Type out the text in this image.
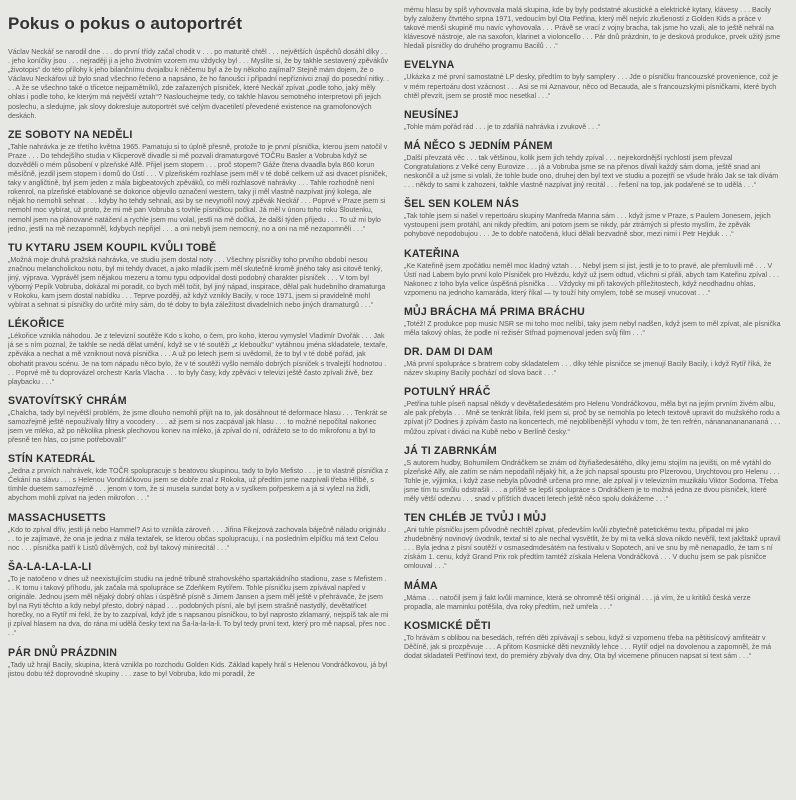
Pokus o pokus o autoportrét

Václav Neckář se narodil dne . . . do první třídy začal chodit v . . . po maturitě chtěl . . . největších úspěchů dosáhl díky . . . jeho koníčky jsou . . . nejraději ji a jeho životním vzorem mu vždycky byl . . . Myslíte si, že by takhle sestavený zpěvákův „životopis“ do této přílohy k jeho bilančnímu dvojalbu k něčemu byl a že by někoho zajímal? Stejně mám dojem, že o Václavu Neckářovi už bylo snad všechno řečeno a napsáno, že ho fanoušci i případní nepříznivci znají do posední nitky. . . . A že se všechno také o třicetce nejpamětníků, zde zařazených písniček, které Neckář zpívat „podle toho, jaký měly ohlas i podle toho, ke kterým má největší vztah“? Naslouchejme tedy, co takhle hlavou semotného interpretovi při jejich poslechu, a sledujme, jak slovy dokresluje autoportrét své celým dvacetiletí převedené existence na gramofonových deskách.

ZE SOBOTY NA NEDĚLI

„Tahle nahrávka je ze třetího května 1965. Pamatuju si to úplně přesně, protože to je první písnička, kterou jsem natočil v Praze . . . Do tehdejšího studia v Klicperově divadle si mě pozvali dramaturgové TOČRu Basler a Vobruba když se dozvěděli o mém působení v plzeňské Alfě. Přijel jsem stopem . . . proč stopem? Gáže čtena dvaadla byla 860 korun měsíčně, jezdil jsem stopem i domů do Ústí . . . V plzeňském rozhlase jsem měl v té době celkem už asi dvacet písniček, taky v angličtině, byl jsem jeden z mála bigbeatových zpěváků, co měli rozhlasové nahrávky . . . Tahle rozhodně není rokenrol, na plzeňské etablované se dokonce objevilo označení western, taky ji měl vlastně nazpívat jiný kolega, ale nějak ho nemohli sehnat . . . kdyby ho tehdy sehnali, asi by se nevynořil nový zpěvák Neckář . . . Poprvé v Praze jsem si nemohl moc vybírat, už proto, že mi mě pan Vobruba s tovhle písničkou počkal. Já měl v únoru toho roku Šloutenku, nemohl jsem na plánované natáčení a rychle jsem mu volal, jestli na mě dočká, že další týden přijedu . . . To už mi bylo jedno, jestli na mě nezapomněl, kdybych nepřijel . . . a oni nebyli jsem nemocný, no a oni na mě nezapomněli . . .“

TU KYTARU JSEM KOUPIL KVŮLI TOBĚ

„Možná moje druhá pražská nahrávka, ve studiu jsem dostal noty . . . Všechny písničky toho prvního období nesou značnou melancholickou notu, byl mi tehdy dvacet, a jako mladík jsem měl skutečně kromě jiného taky asi citově tenký, jiný, výprava. Vyprávěl jsem nějakou mezeru a tomu typu odpovídal dosti podobný charakter písniček . . . V tom byl výborný Pepík Vobruba, dokázal mi poradit, co bych měl točit, byl jiný nápad, inspirace, dělal pak hudebního dramaturga v Rokoku, kam jsem dostal nabídku . . . Teprve později, až když vznikly Bacily, v roce 1971, jsem si pravidelně mohl vybírat a sehnat si písničky do určité míry sám, do té doby to byla záležitost divadelních nebo jiných dramaturgů . . .“

LÉKOŘICE

„Lékořice vznikla náhodou. Je z televizní soutěže Kdo s koho, o čem, pro koho, kterou vymyslel Vladimír Dvořák . . . Jak já se s ním poznal, že takhle se nedá dělat umění, když se v té soutěži „z kleboučku“ vytáhnou jména skladatele, textaře, zpěváka a nechat a mě vzniknout nová písnička . . . A už po letech jsem si uvědomil, že to byl v té době pořád, jak obohatit pravou scénu. Je na tom nápadu něco bylo, že v té soutěži vyšlo nemálo dobrých písniček s trvalejší hodnotou . . . Poprvé mě tu doprovázel orchestr Karla Vlacha . . . to byly časy, kdy zpěváci v televizi ještě často zpívali živě, bez playbacku . . .“

SVATOVÍTSKÝ CHRÁM

„Chalcha, tady byl největší problém, že jsme dlouho nemohli přijít na to, jak dosáhnout té deformace hlasu . . . Tenkrát se samozřejmě ještě nepoužívaly filtry a vocodery . . . až jsem si nos zacpával jak hlasu . . . to možné nepočítal nakonec jsem ve mléko, až po několika plnesk plechovou konev na mléko, já zpíval do ní, odrážeto se to do mikrofonu a byl to přesně ten hlas, co jsme potřebovali!“

STÍN KATEDRÁL

„Jedna z prvních nahrávek, kde TOČR spolupracuje s beatovou skupinou, tady to bylo Mefisto . . . je to vlastně písnička z Čekání na slávu . . . s Helenou Vondráčkovou jsem se dobře znal z Rokoka, už předtím jsme nazpívali třeba Hříbě, s tímhle duetem samozřejmě . . . jenom v tom, že si musela sundat boty a v syslkem pořpeskem a já si vylezl na židli, abychom mohli zpívat na jeden mikrofon . . .“

MASSACHUSETTS

„Kdo to zpíval dřív, jestli já nebo Hammel? Asi to vznikla zároveň . . . Jiřina Fikejzová zachovala báječně náladu originálu . . . to je zajímavé, že ona je jedna z mála textařek, se kterou občas spolupracuju, i na posledním elpíčku má text Celou noc . . . písnička patří k Listů důvěrných, což byl takový minirecitál . . .“

ŠA-LA-LA-LA-LI

„To je natočeno v dnes už neexistujícím studiu na jedné tribuně strahovského spartakiádního stadionu, zase s Mefistem . . . K tomu i takový příhodu, jak začala má spolupráce se Zdeňkem Rytířem. Tohle písničku jsem zpívával napřed v originále. Jednou jsem měl nějaký dobrý ohlas i úspěšně písně s Jimem Jansen a jsem měl ještě v přehrávače, že jsem byl na Ryti těchto a kdy nebyl přesto, dobrý nápad . . . podobných písní, ale byl jsem strašně nastydlý, devětatřicet horečky, no a Rytíř mi řekl, že by to zazpíval, když jde s napsanou písničkou, to byl naprosto zklamaný, nejspíš tak ale mi ji zpíval hlasem na dva, do rána mi udělá česky text na Ša-la-la-la-li. To byl tedy první text, který pro mě napsal, přes noc . . .“

PÁR DNŮ PRÁZDNIN

„Tady už hrají Bacily, skupina, která vznikla po rozchodu Golden Kids. Základ kapely hrál s Helenou Vondráčkovou, já byl jistou dobu též doprovodné skupiny . . . zase to byl Vobruba, kdo mi poradil, že

mému hlasu by spíš vyhovovala malá skupina, kde by byly podstatné akustické a elektrické kytary, klávesy . . . Bacily byly založeny čtvrtého srpna 1971, vedoucím byl Ota Petřina, který měl nejvíc zkušeností z Golden Kids a práce v takové menší skupině mu navíc vyhovovala . . . Právě se vrací z vojny bracha, tak jsme ho vzali, ale to ještě nehrál na klávesové nástroje, ale na saxofon, klarinet a violoncello . . . Pár dnů prázdnin, to je desková produkce, prvek užitý jsme hledali písničky do druhého programu Bacilů . . .“

EVELYNA

„Ukázka z mé první samostatné LP desky, předtím to byly samplery . . . Jde o písničku francouzské provenience, což je v mém repertoáru dost vzácnost . . . Asi se mi Aznavour, něco od Becauda, ale s francouzskými písničkami, které bych chtěl převzít, jsem se prostě moc nesetkal . . .“

NEUSÍNEJ

„Tohle mám pořád rád . . . je to zdařilá nahrávka i zvukově . . .“

MÁ NĚCO S JEDNÍM PÁNEM

„Další převzatá věc . . . tak většinou, kolik jsem jich tehdy zpíval . . . nejrekordnější rychlostí jsem převzal Congratulations z Velké ceny Eurovize . . . já a Vobruba jsme se na přenos dívali každý sám doma, ještě snad ani neskončil a už jsme si volali, že tohle bude ono, druhej den byl text ve studiu a pozejtří se všude hrálo Jak se tak dívám . . . někdy to sami k zahozeni, takhle vlastně nazpívat jiný recitál . . . řešení na top, jak podařené se to udělá . . .“

ŠEL SEN KOLEM NÁS

„Tak tohle jsem si našel v repertoáru skupiny Manfreda Manna sám . . . když jsme v Praze, s Paulem Jonesem, jejich vystoupení jsem protáhl, ani nikdy předtím, ani potom jsem se nikdy, pár ztrámých si přesto myslím, že zpěvák pohybové nepodobujou . . . Je to dobře natočená, kluci dělali bezvadně sbor, mezi nimi i Petr Hejduk . . .“

KATEŘINA

„Ke Kateřině jsem zpočátku neměl moc kladný vztah . . . Nebyl jsem si jist, jestli je to to pravé, ale přemluvili mě . . . V Ústí nad Labem bylo první kolo Písniček pro Hvězdu, když už jsem odtud, všichni si přáli, abych tam Kateřinu zpíval . . . Nakonec z toho byla velice úspěšná písnička . . . Vždycky mi při takových příležitostech, když neodhadnu ohlas, vzpomenu na jednoho kamaráda, který říkal — ty touží hity omylem, tobě se musejí vnucovat . . .“

MŮJ BRÁCHA MÁ PRIMA BRÁCHU

„Totéž! Z produkce pop music NSR se mi toho moc nelíbí, taky jsem nebyl nadšen, když jsem to měl zpívat, ale písnička měla takový ohlas, že podle ní režisér Střnad pojmenoval jeden svůj film . . .“

DR. DAM DI DAM

„Má první spolupráce s bratrem coby skladatelem . . . díky téhle písničce se jmenují Bacily Bacily, i když Rytíř říká, že název skupiny Bacily pochází od slova bacit . . .“

POTULNÝ HRÁČ

„Petřina tuhle píseň napsal někdy v devětašedesátém pro Helenu Vondráčkovou, měla byt na jejím prvním živém albu, ale pak přebyla . . . Mně se tenkrát líbila, řekl jsem si, proč by se nemohla po letech textově upravit do mužského rodu a zpívat ji? Dodnes ji zpívám často na koncertech, mé nejoblíbenější vyhodu v tom, že ten refrén, nánananananananá . . . můžou zpívat i diváci na Kubě nebo v Berlíně česky.“

JÁ TI ZABRNKÁM

„S autorem hudby, Bohumilem Ondráčkem se znám od čtyřiašedesátého, díky jemu stojím na jevišti, on mě vytáhl do plzeňské Alfy, ale zatím se nám nepodařil nějaký hit, a že jich napsal spoustu pro Plzerovou, Urychtovou pro Helenu . . . Tohle je, výjimka, i když zase nebyla původně určena pro mne, ale zpíval ji v televizním muzikálu Viktor Sodoma. Třeba jsme tím tu smůlu odstrašili . . . a příště se lepší spolupráce s Ondráčkem je to možná jedna ze dvou písniček, které měly větší odezvu . . . snad v příštích dvaceti letech ještě něco spolu dokážeme . . .“

TEN CHLÉB JE TVŮJ I MŮJ

„Ani tuhle písničku jsem původně nechtěl zpívat, především kvůli zbytečně patetickému textu, připadal mi jako zhudebněný novinový úvodník, textař si to ale nechal vysvětlit, že by mi ta velká slova nikdo nevěřil, text jakštakž upravil . . . Byla jedna z písní soutěží v osmasedmdesátém na festivalu v Sopotech, ani ve snu by mě nenapadlo, že tam s ní získám 1. cenu, když Grand Prix rok předtím tamtéž získala Helena Vondráčková . . . V duchu jsem se pak písničce omlouval . . .“

MÁMA

„Máma . . . natočil jsem ji fakt kvůli mamince, která se ohromně těší originál . . . já vím, že u kritiků česká verze propadla, ale maminku potěšila, dva roky předtím, než umřela . . .“

KOSMICKÉ DĚTI

„To hrávám s oblibou na besedách, refrén děti zpívávají s sebou, když si vzpomenu třeba na pětitisícový amfiteátr v Děčíně, jak si prozpěvuje . . . A přitom Kosmické děti nevznikly lehce . . . Rytíř odjel na dovolenou a zapomněl, že má dodat skladateli Petřínovi text, do premiéry zbývaly dva dny, Ota byl vicemene přinucen napsat si text sám . . .“
